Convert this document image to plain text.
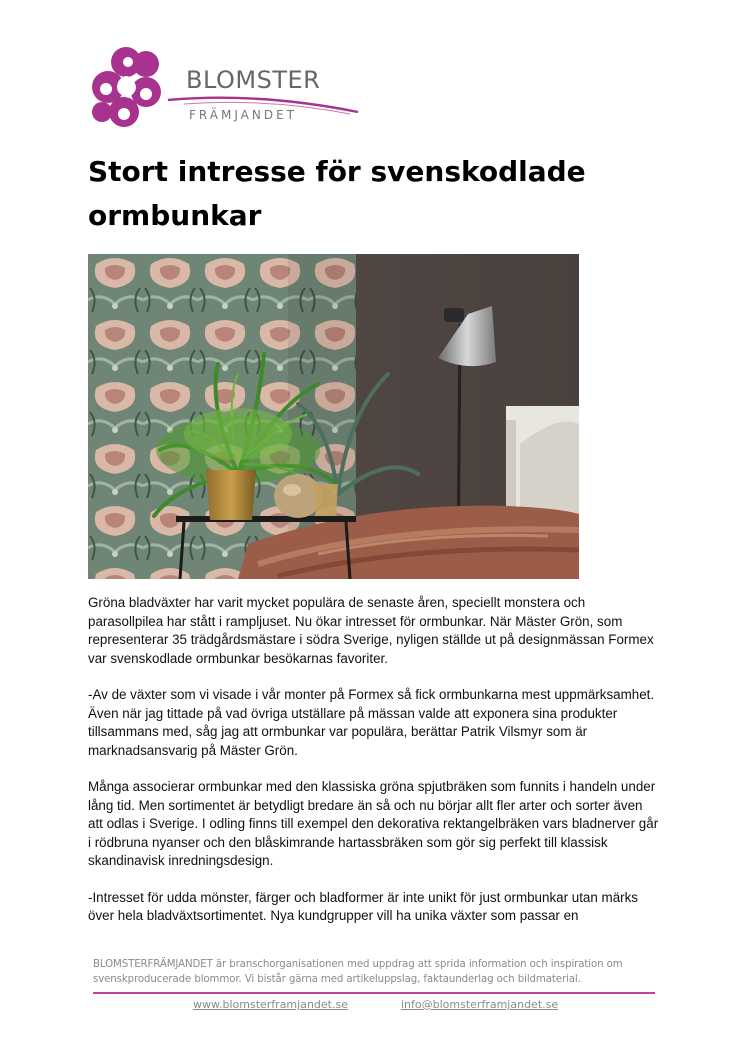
BLOMSTER
FRÄMJANDET
Stort intresse för svenskodlade ormbunkar

Gröna bladväxter har varit mycket populära de senaste åren, speciellt monstera och parasollpilea har stått i rampljuset. Nu ökar intresset för ormbunkar. När Mäster Grön, som representerar 35 trädgårdsmästare i södra Sverige, nyligen ställde ut på designmässan Formex var svenskodlade ormbunkar besökarnas favoriter.

-Av de växter som vi visade i vår monter på Formex så fick ormbunkarna mest uppmärksamhet. Även när jag tittade på vad övriga utställare på mässan valde att exponera sina produkter tillsammans med, såg jag att ormbunkar var populära, berättar Patrik Vilsmyr som är marknadsansvarig på Mäster Grön.

Många associerar ormbunkar med den klassiska gröna spjutbräken som funnits i handeln under lång tid. Men sortimentet är betydligt bredare än så och nu börjar allt fler arter och sorter även att odlas i Sverige. I odling finns till exempel den dekorativa rektangelbräken vars bladnerver går i rödbruna nyanser och den blåskimrande hartassbräken som gör sig perfekt till klassisk skandinavisk inredningsdesign.

-Intresset för udda mönster, färger och bladformer är inte unikt för just ormbunkar utan märks över hela bladväxtsortimentet. Nya kundgrupper vill ha unika växter som passar en

BLOMSTERFRÄMJANDET är branschorganisationen med uppdrag att sprida information och inspiration om svenskproducerade blommor. Vi bistår gärna med artikeluppslag, faktaunderlag och bildmaterial.

www.blomsterframjandet.se	info@blomsterframjandet.se
